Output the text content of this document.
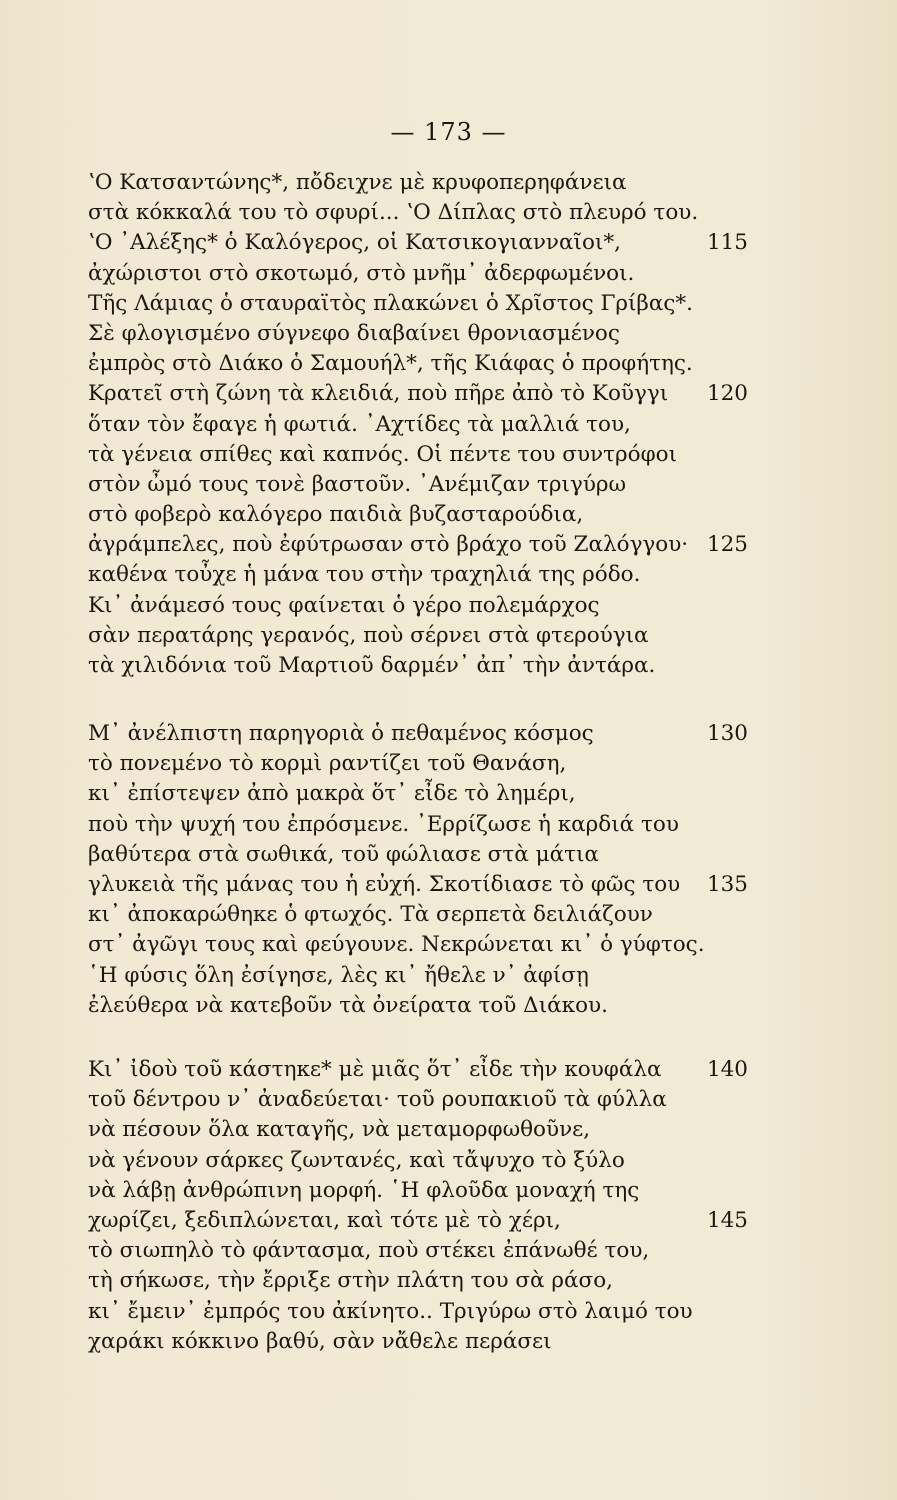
— 173 —
ʽΟ Κατσαντώνης*, πὄδειχνε μὲ κρυφοπερηφάνεια
στὰ κόκκαλά του τὸ σφυρί... ʽΟ Δίπλας στὸ πλευρό του.
ʽΟ ᾿Αλέξης* ὁ Καλόγερος, οἱ Κατσικογιανναῖοι*,	115
ἀχώριστοι στὸ σκοτωμό, στὸ μνῆμ᾿ ἀδερφωμένοι.
Τῆς Λάμιας ὁ σταυραϊτὸς πλακώνει ὁ Χρῖστος Γρίβας*.
Σὲ φλογισμένο σύγνεφο διαβαίνει θρονιασμένος
ἐμπρὸς στὸ Διάκο ὁ Σαμουήλ*, τῆς Κιάφας ὁ προφήτης.
Κρατεῖ στὴ ζώνη τὰ κλειδιά, ποὺ πῆρε ἀπὸ τὸ Κοῦγγι 120
ὅταν τὸν ἔφαγε ἡ φωτιά. ᾿Αχτίδες τὰ μαλλιά του,
τὰ γένεια σπίθες καὶ καπνός. Οἱ πέντε του συντρόφοι
στὸν ὦμό τους τονὲ βαστοῦν. ᾿Ανέμιζαν τριγύρω
στὸ φοβερὸ καλόγερο παιδιὰ βυζασταρούδια,
ἀγράμπελες, ποὺ ἐφύτρωσαν στὸ βράχο τοῦ Ζαλόγγου· 125
καθένα τοὖχε ἡ μάνα του στὴν τραχηλιά της ρόδο.
Κι᾿ ἀνάμεσό τους φαίνεται ὁ γέρο πολεμάρχος
σὰν περατάρης γερανός, ποὺ σέρνει στὰ φτερούγια
τὰ χιλιδόνια τοῦ Μαρτιοῦ δαρμέν᾿ ἀπ᾿ τὴν ἀντάρα.
Μ᾿ ἀνέλπιστη παρηγοριὰ ὁ πεθαμένος κόσμος	130
τὸ πονεμένο τὸ κορμὶ ραντίζει τοῦ Θανάση,
κι᾿ ἐπίστεψεν ἀπὸ μακρὰ ὅτ᾿ εἶδε τὸ λημέρι,
ποὺ τὴν ψυχή του ἐπρόσμενε. ᾿Ερρίζωσε ἡ καρδιά του
βαθύτερα στὰ σωθικά, τοῦ φώλιασε στὰ μάτια
γλυκειὰ τῆς μάνας του ἡ εὐχή. Σκοτίδιασε τὸ φῶς του 135
κι᾿ ἀποκαρώθηκε ὁ φτωχός. Τὰ σερπετὰ δειλιάζουν
στ᾿ ἀγῶγι τους καὶ φεύγουνε. Νεκρώνεται κι᾿ ὁ γύφτος.
῾Η φύσις ὅλη ἐσίγησε, λὲς κι᾿ ἤθελε ν᾿ ἀφίσῃ
ἐλεύθερα νὰ κατεβοῦν τὰ ὀνείρατα τοῦ Διάκου.
Κι᾿ ἰδοὺ τοῦ κάστηκε* μὲ μιᾶς ὅτ᾿ εἶδε τὴν κουφάλα 140
τοῦ δέντρου ν᾿ ἀναδεύεται· τοῦ ρουπακιοῦ τὰ φύλλα
νὰ πέσουν ὅλα καταγῆς, νὰ μεταμορφωθοῦνε,
νὰ γένουν σάρκες ζωντανές, καὶ τἄψυχο τὸ ξύλο
νὰ λάβῃ ἀνθρώπινη μορφή. ῾Η φλοῦδα μοναχή της
χωρίζει, ξεδιπλώνεται, καὶ τότε μὲ τὸ χέρι,	145
τὸ σιωπηλὸ τὸ φάντασμα, ποὺ στέκει ἐπάνωθέ του,
τὴ σήκωσε, τὴν ἔρριξε στὴν πλάτη του σὰ ράσο,
κι᾿ ἔμειν᾿ ἐμπρός του ἀκίνητο.. Τριγύρω στὸ λαιμό του
χαράκι κόκκινο βαθύ, σὰν νἄθελε περάσει
